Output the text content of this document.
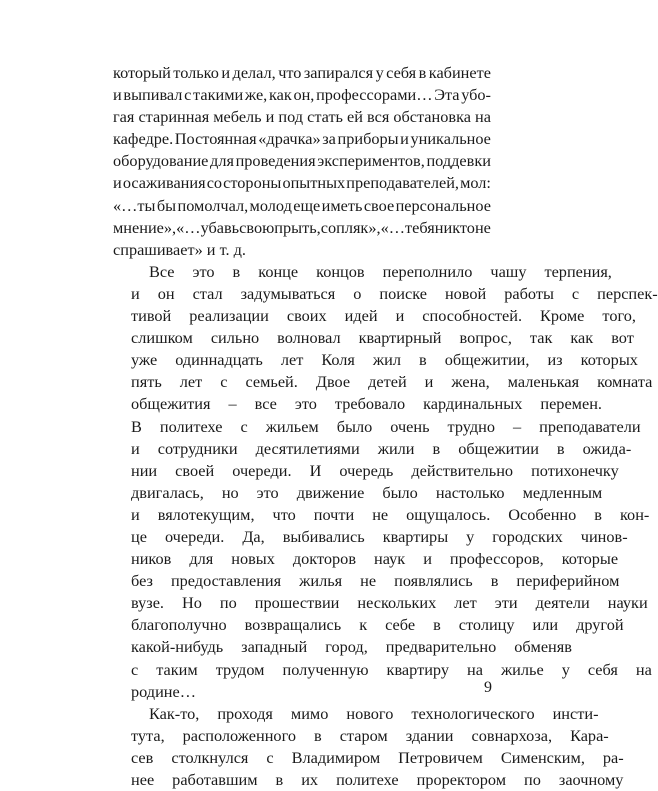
который только и делал, что запирался у себя в кабинете
и выпивал с такими же, как он, профессорами… Эта убо-
гая старинная мебель и под стать ей вся обстановка на
кафедре. Постоянная «драчка» за приборы и уникальное
оборудование для проведения экспериментов, поддевки
и осаживания со стороны опытных преподавателей, мол:
«…ты бы помолчал, молод еще иметь свое персональное
мнение», «…убавь свою прыть, сопляк», «…тебя никто не
спрашивает» и т. д.
Все	это	в	конце	концов	переполнило	чашу	терпения,
и	он	стал	задумываться	о	поиске	новой	работы	с	перспек-
тивой	реализации	своих	идей	и	способностей.	Кроме	того,
слишком	сильно	волновал	квартирный	вопрос,	так	как	вот
уже	одиннадцать	лет	Коля	жил	в	общежитии,	из	которых
пять	лет	с	семьей.	Двое	детей	и	жена,	маленькая	комната
общежития	–	все	это	требовало	кардинальных	перемен.
В	политехе	с	жильем	было	очень	трудно	–	преподаватели
и	сотрудники	десятилетиями	жили	в	общежитии	в	ожида-
нии	своей	очереди.	И	очередь	действительно	потихонечку
двигалась,	но	это	движение	было	настолько	медленным
и	вялотекущим,	что	почти	не	ощущалось.	Особенно	в	кон-
це	очереди.	Да,	выбивались	квартиры	у	городских	чинов-
ников	для	новых	докторов	наук	и	профессоров,	которые
без	предоставления	жилья	не	появлялись	в	периферийном
вузе.	Но	по	прошествии	нескольких	лет	эти	деятели	науки
благополучно	возвращались	к	себе	в	столицу	или	другой
какой-нибудь	западный	город,	предварительно	обменяв
с	таким	трудом	полученную	квартиру	на	жилье	у	себя	на
родине…
Как-то,	проходя	мимо	нового	технологического	инсти-
тута,	расположенного	в	старом	здании	совнархоза,	Кара-
сев	столкнулся	с	Владимиром	Петровичем	Сименским,	ра-
нее	работавшим	в	их	политехе	проректором	по	заочному
9
